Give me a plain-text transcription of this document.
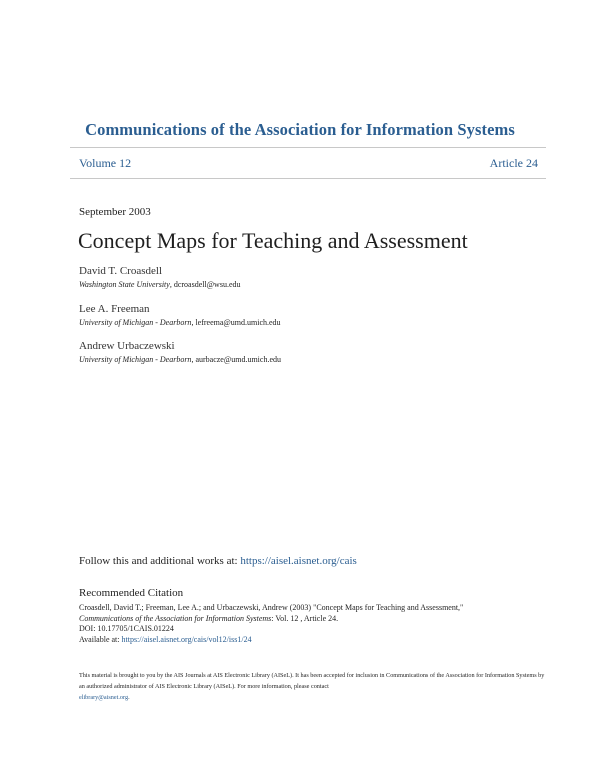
Communications of the Association for Information Systems
Volume 12	Article 24
September 2003
Concept Maps for Teaching and Assessment
David T. Croasdell
Washington State University, dcroasdell@wsu.edu
Lee A. Freeman
University of Michigan - Dearborn, lefreema@umd.umich.edu
Andrew Urbaczewski
University of Michigan - Dearborn, aurbacze@umd.umich.edu
Follow this and additional works at: https://aisel.aisnet.org/cais
Recommended Citation
Croasdell, David T.; Freeman, Lee A.; and Urbaczewski, Andrew (2003) "Concept Maps for Teaching and Assessment,"
Communications of the Association for Information Systems: Vol. 12 , Article 24.
DOI: 10.17705/1CAIS.01224
Available at: https://aisel.aisnet.org/cais/vol12/iss1/24
This material is brought to you by the AIS Journals at AIS Electronic Library (AISeL). It has been accepted for inclusion in Communications of the Association for Information Systems by an authorized administrator of AIS Electronic Library (AISeL). For more information, please contact
elibrary@aisnet.org.
